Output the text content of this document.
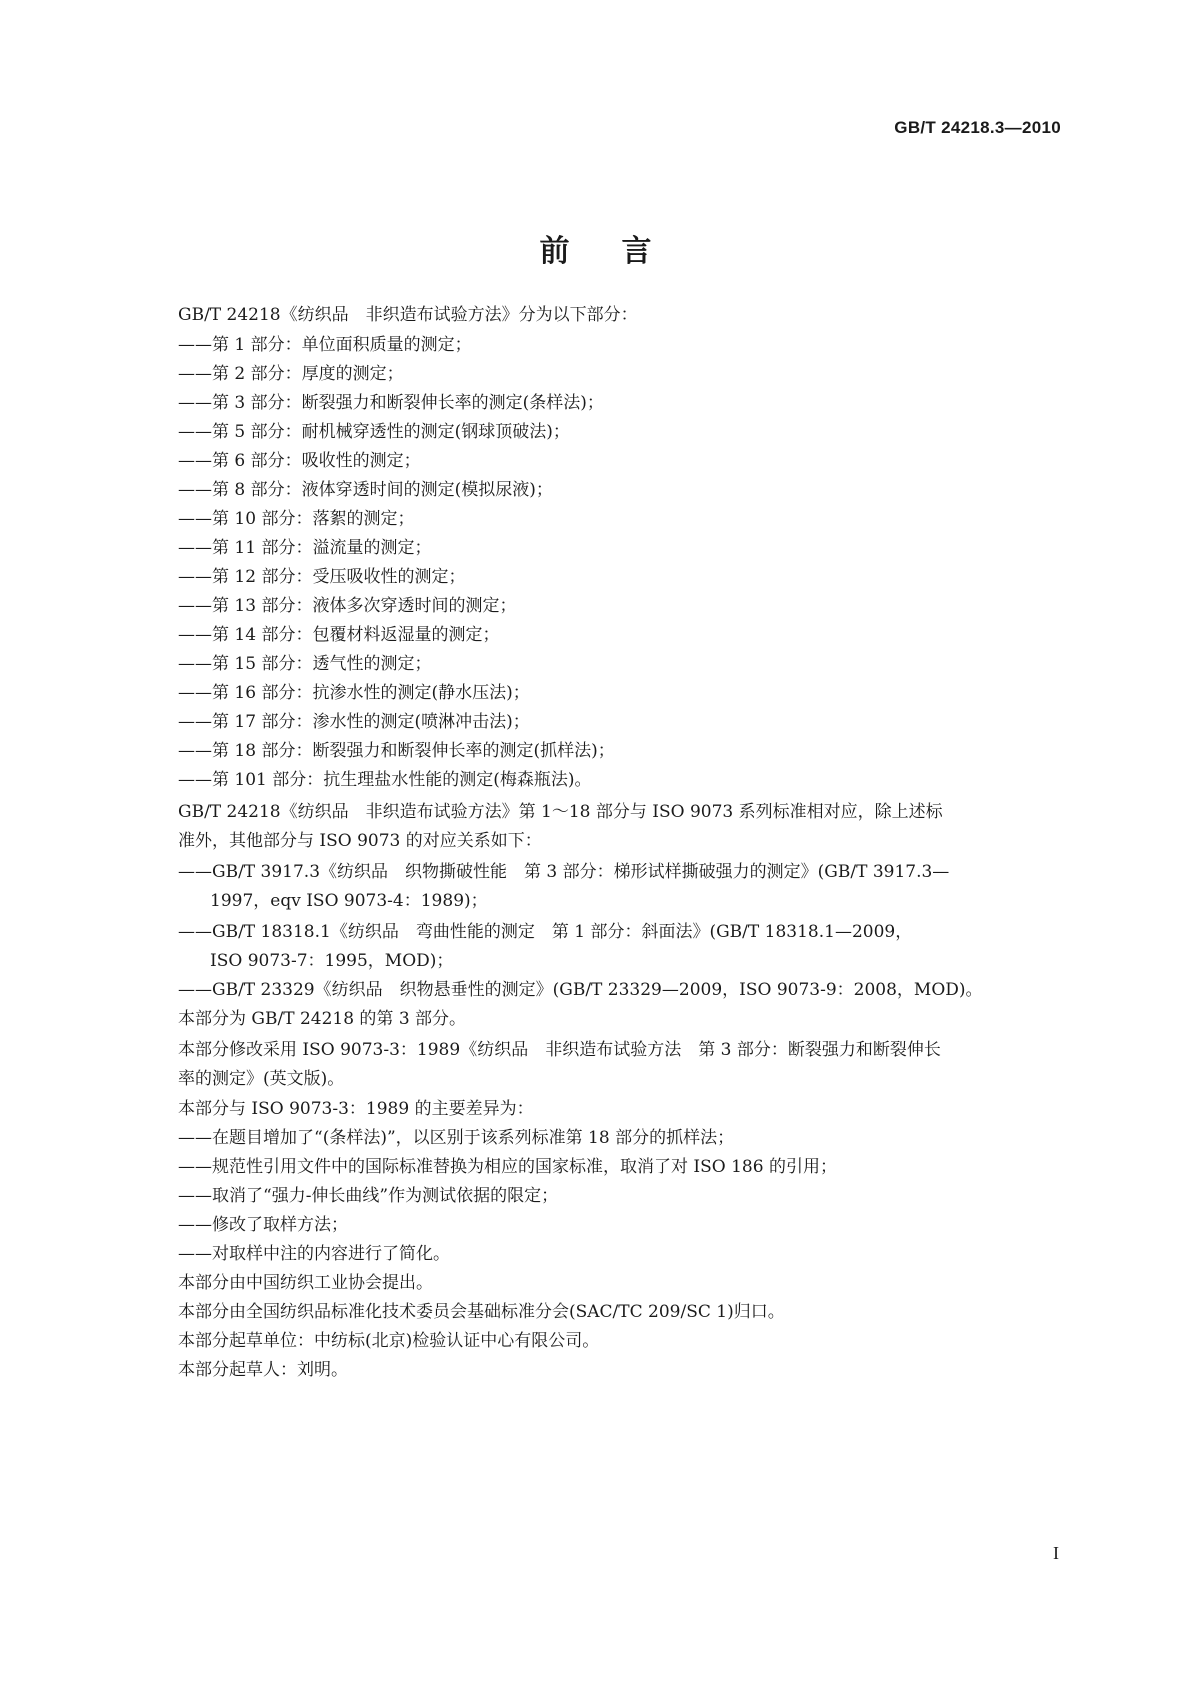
GB/T 24218.3—2010
前言
GB/T 24218《纺织品　非织造布试验方法》分为以下部分：
——第 1 部分：单位面积质量的测定；
——第 2 部分：厚度的测定；
——第 3 部分：断裂强力和断裂伸长率的测定(条样法)；
——第 5 部分：耐机械穿透性的测定(钢球顶破法)；
——第 6 部分：吸收性的测定；
——第 8 部分：液体穿透时间的测定(模拟尿液)；
——第 10 部分：落絮的测定；
——第 11 部分：溢流量的测定；
——第 12 部分：受压吸收性的测定；
——第 13 部分：液体多次穿透时间的测定；
——第 14 部分：包覆材料返湿量的测定；
——第 15 部分：透气性的测定；
——第 16 部分：抗渗水性的测定(静水压法)；
——第 17 部分：渗水性的测定(喷淋冲击法)；
——第 18 部分：断裂强力和断裂伸长率的测定(抓样法)；
——第 101 部分：抗生理盐水性能的测定(梅森瓶法)。
GB/T 24218《纺织品　非织造布试验方法》第 1～18 部分与 ISO 9073 系列标准相对应，除上述标
准外，其他部分与 ISO 9073 的对应关系如下：
——GB/T 3917.3《纺织品　织物撕破性能　第 3 部分：梯形试样撕破强力的测定》(GB/T 3917.3—
1997，eqv ISO 9073-4：1989)；
——GB/T 18318.1《纺织品　弯曲性能的测定　第 1 部分：斜面法》(GB/T 18318.1—2009，
ISO 9073-7：1995，MOD)；
——GB/T 23329《纺织品　织物悬垂性的测定》(GB/T 23329—2009，ISO 9073-9：2008，MOD)。
本部分为 GB/T 24218 的第 3 部分。
本部分修改采用 ISO 9073-3：1989《纺织品　非织造布试验方法　第 3 部分：断裂强力和断裂伸长
率的测定》(英文版)。
本部分与 ISO 9073-3：1989 的主要差异为：
——在题目增加了“(条样法)”，以区别于该系列标准第 18 部分的抓样法；
——规范性引用文件中的国际标准替换为相应的国家标准，取消了对 ISO 186 的引用；
——取消了“强力-伸长曲线”作为测试依据的限定；
——修改了取样方法；
——对取样中注的内容进行了简化。
本部分由中国纺织工业协会提出。
本部分由全国纺织品标准化技术委员会基础标准分会(SAC/TC 209/SC 1)归口。
本部分起草单位：中纺标(北京)检验认证中心有限公司。
本部分起草人：刘明。
I
